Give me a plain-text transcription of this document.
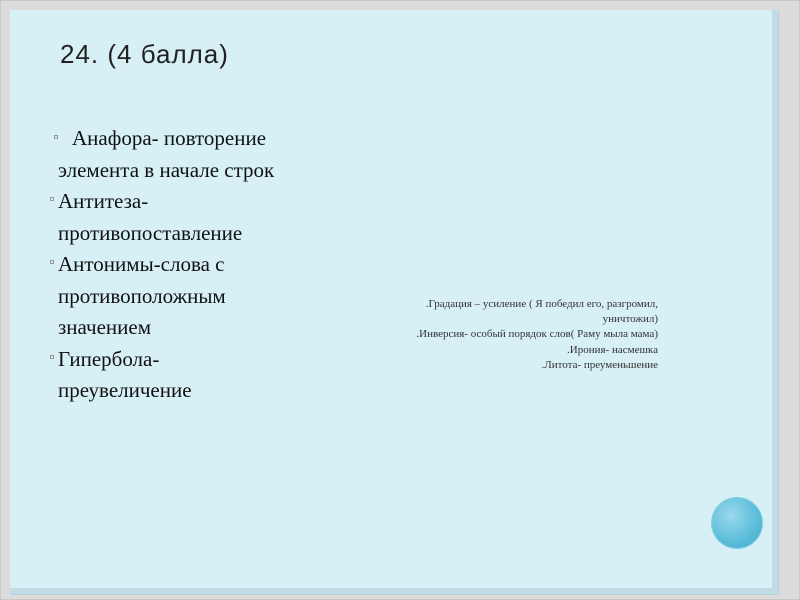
24. (4 балла)
Анафора- повторение
элемента в начале строк
Антитеза-
противопоставление
Антонимы-слова с
противоположным
значением
Гипербола-
преувеличение

.Градация – усиление ( Я победил его, разгромил,

уничтожил)

.Инверсия- особый порядок слов( Раму мыла мама)

.Ирония- насмешка

.Литота- преуменьшение
